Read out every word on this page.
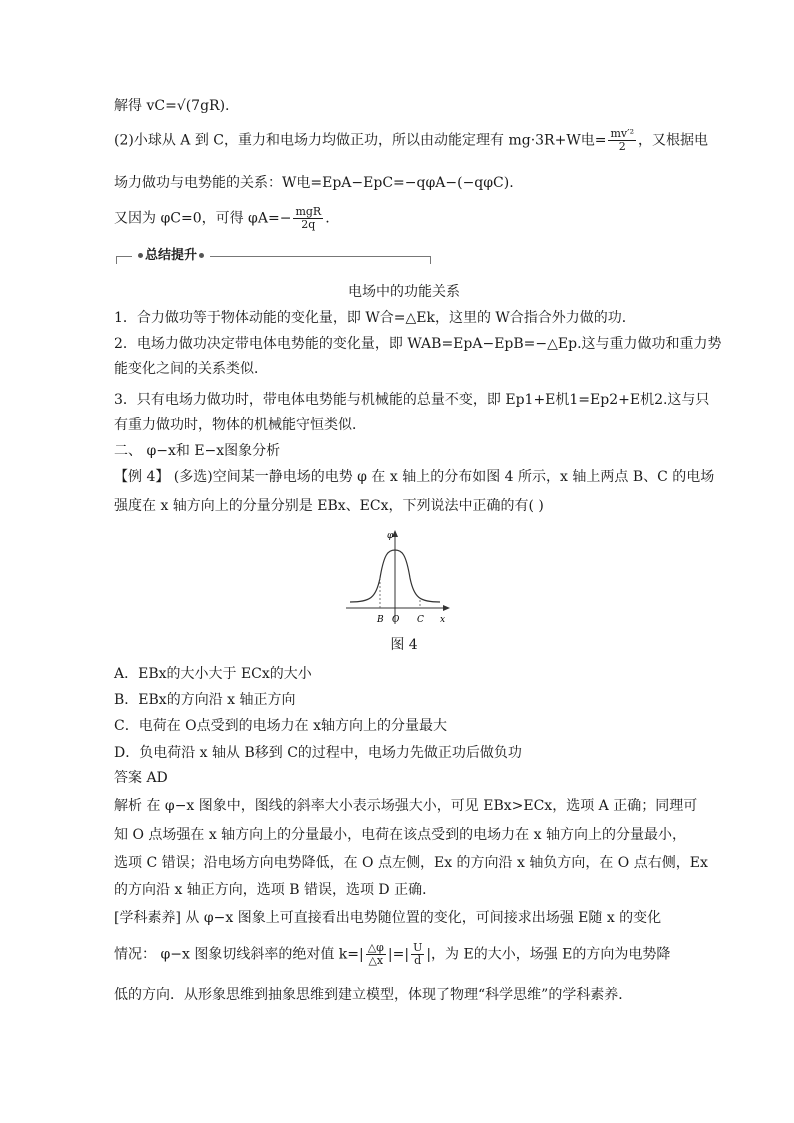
解得 vC=√(7gR).
(2)小球从 A 到 C，重力和电场力均做正功，所以由动能定理有 mg·3R+W电= $\frac{\text{mv′²}}{2}$ ，又根据电
场力做功与电势能的关系：W电=EpA−EpC=−qφA−(−qφC).
又因为 φC=0，可得 $\varphi A=- \frac{\text{mgR}}{2q}$ .
总结提升
电场中的功能关系
1．合力做功等于物体动能的变化量，即 W合=△Ek，这里的 W合指合外力做的功．
2．电场力做功决定带电体电势能的变化量，即 WAB=EpA−EpB=−△Ep.这与重力做功和重力势
能变化之间的关系类似．
3．只有电场力做功时，带电体电势能与机械能的总量不变，即 Ep1+E机1=Ep2+E机2.这与只
有重力做功时，物体的机械能守恒类似．
二、 φ−x和 E−x图象分析
【例 4】 (多选)空间某一静电场的电势 φ 在 x 轴上的分布如图 4 所示，x 轴上两点 B、C 的电场
强度在 x 轴方向上的分量分别是 EBx、ECx，下列说法中正确的有( )
φ
x
B O C
图 4
A．EBx的大小大于 ECx的大小
B．EBx的方向沿 x 轴正方向
C．电荷在 O点受到的电场力在 x轴方向上的分量最大
D．负电荷沿 x 轴从 B移到 C的过程中，电场力先做正功后做负功
答案 AD
解析 在 φ−x 图象中，图线的斜率大小表示场强大小，可见 EBx>ECx，选项 A 正确；同理可
知 O 点场强在 x 轴方向上的分量最小，电荷在该点受到的电场力在 x 轴方向上的分量最小，
选项 C 错误；沿电场方向电势降低，在 O 点左侧，Ex 的方向沿 x 轴负方向，在 O 点右侧，Ex
的方向沿 x 轴正方向，选项 B 错误，选项 D 正确．
[学科素养] 从 φ−x 图象上可直接看出电势随位置的变化，可间接求出场强 E随 x 的变化
情况： φ−x 图象切线斜率的绝对值 $k=| \frac{\triangle\varphi}{\triangle x}$ |=| $\frac{U}{d}$ |，为 E的大小，场强 E的方向为电势降
低的方向．从形象思维到抽象思维到建立模型，体现了物理“科学思维”的学科素养．
